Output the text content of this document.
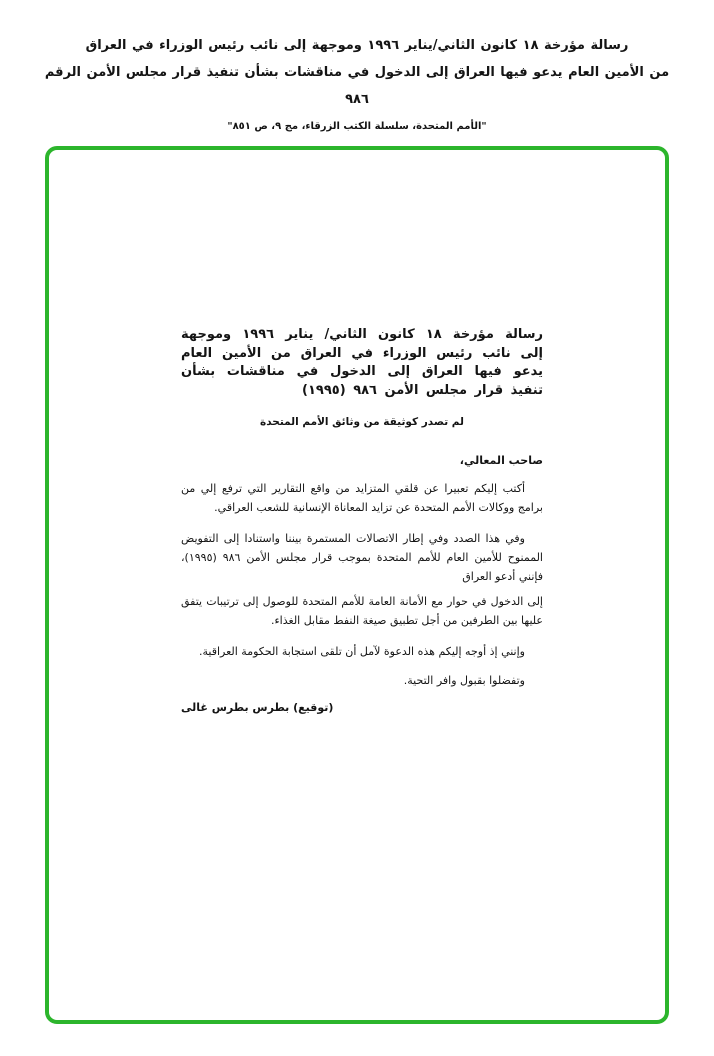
رسالة مؤرخة ١٨ كانون الثاني/يناير ١٩٩٦ وموجهة إلى نائب رئيس الوزراء في العراق
من الأمين العام يدعو فيها العراق إلى الدخول في مناقشات بشأن تنفيذ قرار مجلس الأمن الرقم ٩٨٦
"الأمم المتحدة، سلسلة الكتب الزرقاء، مج ٩، ص ٨٥١"

رسالة مؤرخة ١٨ كانون الثاني/ يناير ١٩٩٦ وموجهة إلى نائب رئيس الوزراء في العراق من الأمين العام يدعو فيها العراق إلى الدخول في مناقشات بشأن تنفيذ قرار مجلس الأمن ٩٨٦ (١٩٩٥)

لم تصدر كوثيقة من وثائق الأمم المتحدة

صاحب المعالي،

أكتب إليكم تعبيرا عن قلقي المتزايد من واقع التقارير التي ترفع إلي من برامج ووكالات الأمم المتحدة عن تزايد المعاناة الإنسانية للشعب العراقي.

وفي هذا الصدد وفي إطار الاتصالات المستمرة بيننا واستنادا إلى التفويض الممنوح للأمين العام للأمم المتحدة بموجب قرار مجلس الأمن ٩٨٦ (١٩٩٥)، فإنني أدعو العراق

إلى الدخول في حوار مع الأمانة العامة للأمم المتحدة للوصول إلى ترتيبات يتفق عليها بين الطرفين من أجل تطبيق صيغة النفط مقابل الغذاء.

وإنني إذ أوجه إليكم هذه الدعوة لآمل أن تلقى استجابة الحكومة العراقية.

وتفضلوا بقبول وافر التحية.

(توقيع) بطرس بطرس غالى
